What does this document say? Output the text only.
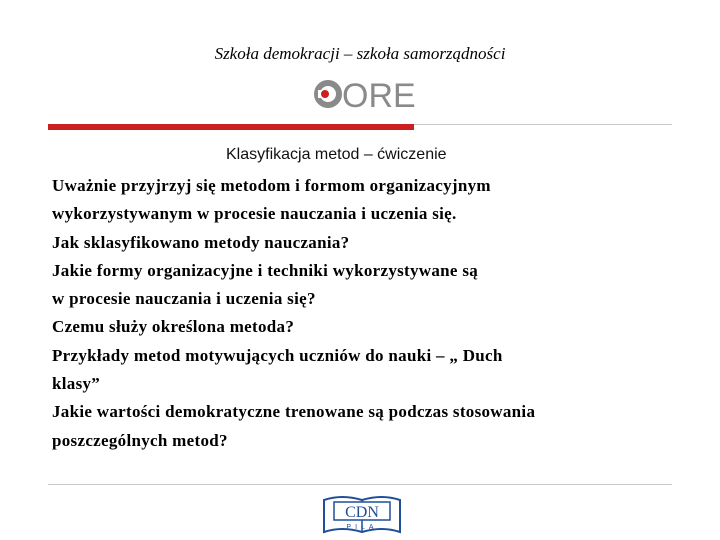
Szkoła demokracji – szkoła samorządności
ORE
Klasyfikacja metod – ćwiczenie
Uważnie przyjrzyj się metodom i formom organizacyjnym
wykorzystywanym w procesie nauczania i uczenia się.
Jak sklasyfikowano metody nauczania?
Jakie formy organizacyjne i techniki wykorzystywane są
w procesie nauczania i uczenia się?
Czemu służy określona metoda?
Przykłady metod motywujących uczniów do nauki – „ Duch
klasy”
Jakie wartości demokratyczne trenowane są podczas stosowania
poszczególnych metod?
CDN
PIŁA
